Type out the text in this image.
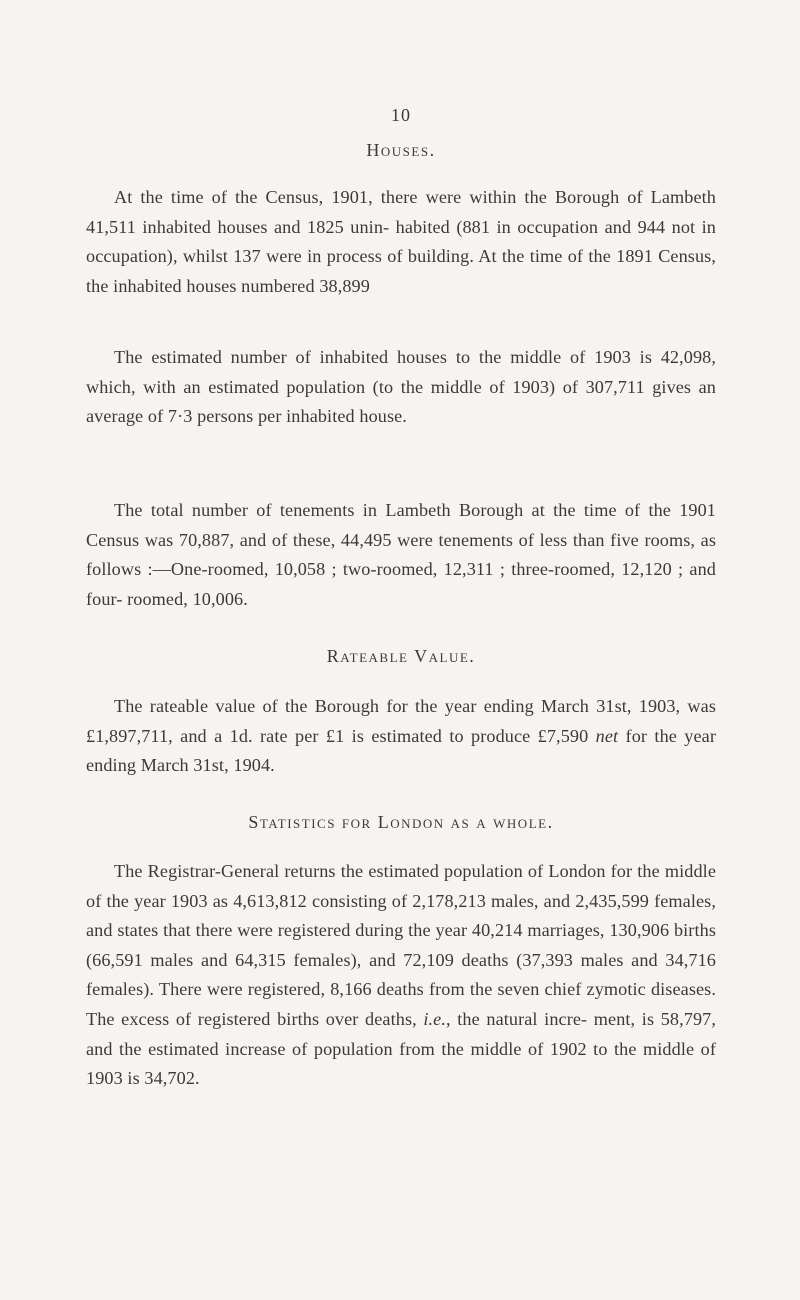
10
Houses.

At the time of the Census, 1901, there were within the Borough of Lambeth 41,511 inhabited houses and 1825 unin- habited (881 in occupation and 944 not in occupation), whilst 137 were in process of building. At the time of the 1891 Census, the inhabited houses numbered 38,899

The estimated number of inhabited houses to the middle of 1903 is 42,098, which, with an estimated population (to the middle of 1903) of 307,711 gives an average of 7·3 persons per inhabited house.

The total number of tenements in Lambeth Borough at the time of the 1901 Census was 70,887, and of these, 44,495 were tenements of less than five rooms, as follows :—One-roomed, 10,058 ; two-roomed, 12,311 ; three-roomed, 12,120 ; and four- roomed, 10,006.

Rateable Value.

The rateable value of the Borough for the year ending March 31st, 1903, was £1,897,711, and a 1d. rate per £1 is estimated to produce £7,590 net for the year ending March 31st, 1904.

Statistics for London as a whole.

The Registrar-General returns the estimated population of London for the middle of the year 1903 as 4,613,812 consisting of 2,178,213 males, and 2,435,599 females, and states that there were registered during the year 40,214 marriages, 130,906 births (66,591 males and 64,315 females), and 72,109 deaths (37,393 males and 34,716 females). There were registered, 8,166 deaths from the seven chief zymotic diseases. The excess of registered births over deaths, i.e., the natural incre- ment, is 58,797, and the estimated increase of population from the middle of 1902 to the middle of 1903 is 34,702.
